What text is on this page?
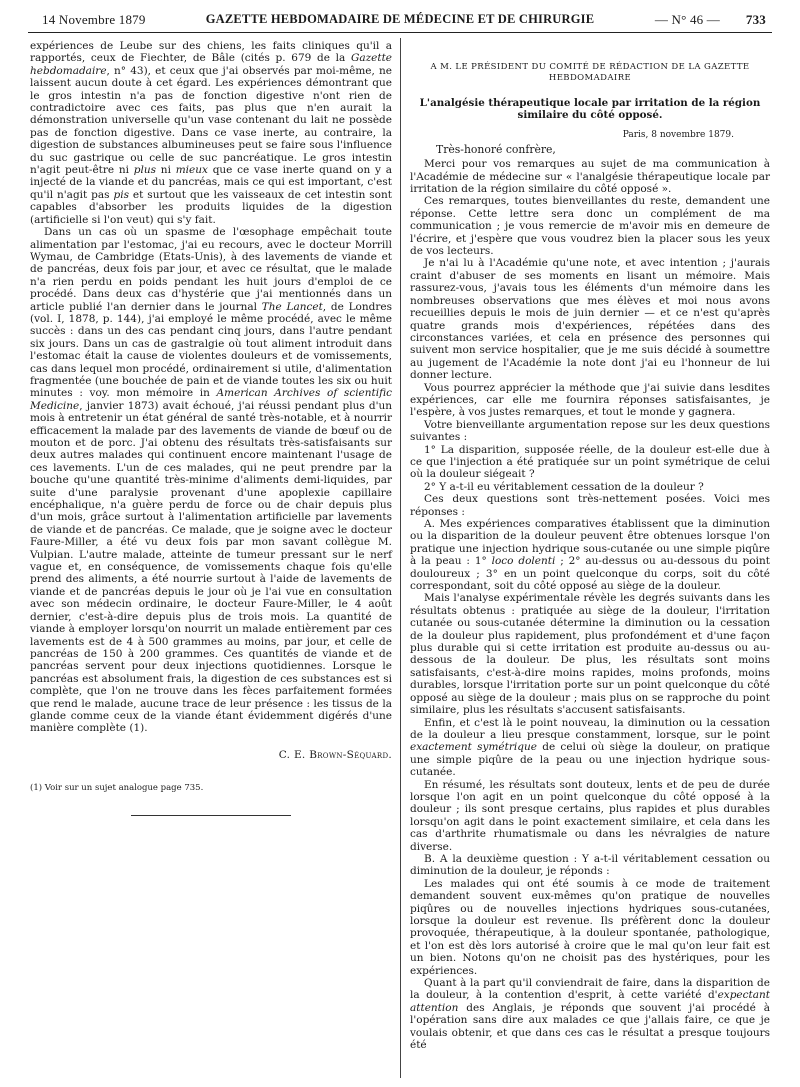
14 Novembre 1879	GAZETTE HEBDOMADAIRE DE MÉDECINE ET DE CHIRURGIE	— N° 46 — 733

expériences de Leube sur des chiens, les faits cliniques qu'il a rapportés, ceux de Fiechter, de Bâle (cités p. 679 de la Gazette hebdomadaire, n° 43), et ceux que j'ai observés par moi-même, ne laissent aucun doute à cet égard. Les expériences démontrant que le gros intestin n'a pas de fonction digestive n'ont rien de contradictoire avec ces faits, pas plus que n'en aurait la démonstration universelle qu'un vase contenant du lait ne possède pas de fonction digestive. Dans ce vase inerte, au contraire, la digestion de substances albumineuses peut se faire sous l'influence du suc gastrique ou celle de suc pancréatique. Le gros intestin n'agit peut-être ni plus ni mieux que ce vase inerte quand on y a injecté de la viande et du pancréas, mais ce qui est important, c'est qu'il n'agit pas pis et surtout que les vaisseaux de cet intestin sont capables d'absorber les produits liquides de la digestion (artificielle si l'on veut) qui s'y fait.

Dans un cas où un spasme de l'œsophage empêchait toute alimentation par l'estomac, j'ai eu recours, avec le docteur Morrill Wymau, de Cambridge (Etats-Unis), à des lavements de viande et de pancréas, deux fois par jour, et avec ce résultat, que le malade n'a rien perdu en poids pendant les huit jours d'emploi de ce procédé. Dans deux cas d'hystérie que j'ai mentionnés dans un article publié l'an dernier dans le journal The Lancet, de Londres (vol. I, 1878, p. 144), j'ai employé le même procédé, avec le même succès : dans un des cas pendant cinq jours, dans l'autre pendant six jours. Dans un cas de gastralgie où tout aliment introduit dans l'estomac était la cause de violentes douleurs et de vomissements, cas dans lequel mon procédé, ordinairement si utile, d'alimentation fragmentée (une bouchée de pain et de viande toutes les six ou huit minutes : voy. mon mémoire in American Archives of scientific Medicine, janvier 1873) avait échoué, j'ai réussi pendant plus d'un mois à entretenir un état général de santé très-notable, et à nourrir efficacement la malade par des lavements de viande de bœuf ou de mouton et de porc. J'ai obtenu des résultats très-satisfaisants sur deux autres malades qui continuent encore maintenant l'usage de ces lavements. L'un de ces malades, qui ne peut prendre par la bouche qu'une quantité très-minime d'aliments demi-liquides, par suite d'une paralysie provenant d'une apoplexie capillaire encéphalique, n'a guère perdu de force ou de chair depuis plus d'un mois, grâce surtout à l'alimentation artificielle par lavements de viande et de pancréas. Ce malade, que je soigne avec le docteur Faure-Miller, a été vu deux fois par mon savant collègue M. Vulpian. L'autre malade, atteinte de tumeur pressant sur le nerf vague et, en conséquence, de vomissements chaque fois qu'elle prend des aliments, a été nourrie surtout à l'aide de lavements de viande et de pancréas depuis le jour où je l'ai vue en consultation avec son médecin ordinaire, le docteur Faure-Miller, le 4 août dernier, c'est-à-dire depuis plus de trois mois. La quantité de viande à employer lorsqu'on nourrit un malade entièrement par ces lavements est de 4 à 500 grammes au moins, par jour, et celle de pancréas de 150 à 200 grammes. Ces quantités de viande et de pancréas servent pour deux injections quotidiennes. Lorsque le pancréas est absolument frais, la digestion de ces substances est si complète, que l'on ne trouve dans les fèces parfaitement formées que rend le malade, aucune trace de leur présence : les tissus de la glande comme ceux de la viande étant évidemment digérés d'une manière complète (1).

C. E. Brown-Séquard.

(1) Voir sur un sujet analogue page 735.

A M. LE PRÉSIDENT DU COMITÉ DE RÉDACTION DE LA GAZETTE HEBDOMADAIRE

L'analgésie thérapeutique locale par irritation de la région similaire du côté opposé.

Paris, 8 novembre 1879.

Très-honoré confrère,

Merci pour vos remarques au sujet de ma communication à l'Académie de médecine sur « l'analgésie thérapeutique locale par irritation de la région similaire du côté opposé ».

Ces remarques, toutes bienveillantes du reste, demandent une réponse. Cette lettre sera donc un complément de ma communication ; je vous remercie de m'avoir mis en demeure de l'écrire, et j'espère que vous voudrez bien la placer sous les yeux de vos lecteurs.

Je n'ai lu à l'Académie qu'une note, et avec intention ; j'aurais craint d'abuser de ses moments en lisant un mémoire. Mais rassurez-vous, j'avais tous les éléments d'un mémoire dans les nombreuses observations que mes élèves et moi nous avons recueillies depuis le mois de juin dernier — et ce n'est qu'après quatre grands mois d'expériences, répétées dans des circonstances variées, et cela en présence des personnes qui suivent mon service hospitalier, que je me suis décidé à soumettre au jugement de l'Académie la note dont j'ai eu l'honneur de lui donner lecture.

Vous pourrez apprécier la méthode que j'ai suivie dans lesdites expériences, car elle me fournira réponses satisfaisantes, je l'espère, à vos justes remarques, et tout le monde y gagnera.

Votre bienveillante argumentation repose sur les deux questions suivantes :

1° La disparition, supposée réelle, de la douleur est-elle due à ce que l'injection a été pratiquée sur un point symétrique de celui où la douleur siégeait ?

2° Y a-t-il eu véritablement cessation de la douleur ?

Ces deux questions sont très-nettement posées. Voici mes réponses :

A. Mes expériences comparatives établissent que la diminution ou la disparition de la douleur peuvent être obtenues lorsque l'on pratique une injection hydrique sous-cutanée ou une simple piqûre à la peau : 1° loco dolenti ; 2° au-dessus ou au-dessous du point douloureux ; 3° en un point quelconque du corps, soit du côté correspondant, soit du côté opposé au siège de la douleur.

Mais l'analyse expérimentale révèle les degrés suivants dans les résultats obtenus : pratiquée au siège de la douleur, l'irritation cutanée ou sous-cutanée détermine la diminution ou la cessation de la douleur plus rapidement, plus profondément et d'une façon plus durable qui si cette irritation est produite au-dessus ou au-dessous de la douleur. De plus, les résultats sont moins satisfaisants, c'est-à-dire moins rapides, moins profonds, moins durables, lorsque l'irritation porte sur un point quelconque du côté opposé au siège de la douleur ; mais plus on se rapproche du point similaire, plus les résultats s'accusent satisfaisants.

Enfin, et c'est là le point nouveau, la diminution ou la cessation de la douleur a lieu presque constamment, lorsque, sur le point exactement symétrique de celui où siège la douleur, on pratique une simple piqûre de la peau ou une injection hydrique sous-cutanée.

En résumé, les résultats sont douteux, lents et de peu de durée lorsque l'on agit en un point quelconque du côté opposé à la douleur ; ils sont presque certains, plus rapides et plus durables lorsqu'on agit dans le point exactement similaire, et cela dans les cas d'arthrite rhumatismale ou dans les névralgies de nature diverse.

B. A la deuxième question : Y a-t-il véritablement cessation ou diminution de la douleur, je réponds :

Les malades qui ont été soumis à ce mode de traitement demandent souvent eux-mêmes qu'on pratique de nouvelles piqûres ou de nouvelles injections hydriques sous-cutanées, lorsque la douleur est revenue. Ils préfèrent donc la douleur provoquée, thérapeutique, à la douleur spontanée, pathologique, et l'on est dès lors autorisé à croire que le mal qu'on leur fait est un bien. Notons qu'on ne choisit pas des hystériques, pour les expériences.

Quant à la part qu'il conviendrait de faire, dans la disparition de la douleur, à la contention d'esprit, à cette variété d'expectant attention des Anglais, je réponds que souvent j'ai procédé à l'opération sans dire aux malades ce que j'allais faire, ce que je voulais obtenir, et que dans ces cas le résultat a presque toujours été
